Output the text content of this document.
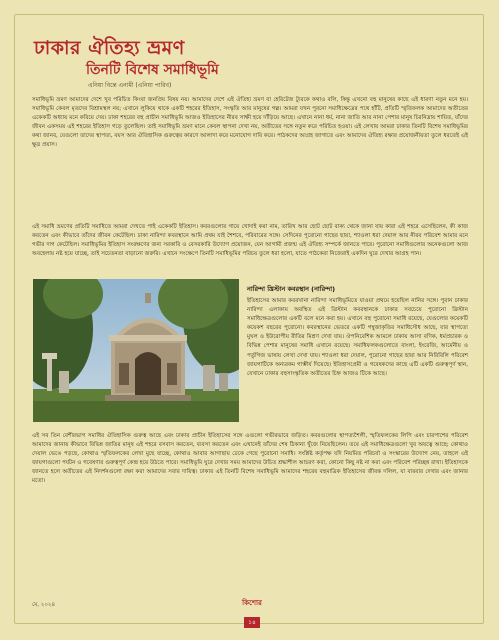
ঢাকার ঐতিহ্য ভ্রমণ
তিনটি বিশেষ সমাধিভূমি
এনিয়া বিন্তে এনামী (এনিয়া পারিব)

সমাধিভূমি ভ্রমণ আমাদের দেশে খুব পরিচিত কিংবা জনপ্রিয় বিষয় নয়। আমাদের দেশে এই ঐতিহ্য ভ্রমণ বা হেরিটেজ ট্যুরকে কথাও বলি, কিন্তু এখনো বহু মানুষের কাছে এই ধারণা নতুন মনে হয়। সমাধিভূমি কেবল মৃতদের বিশ্রামস্থল নয়; এখানে লুকিয়ে থাকে একটি শহরের ইতিহাস, সংস্কৃতি আর মানুষের গল্প। আমরা যখন পুরনো সমাধিক্ষেত্রের পথে হাঁটি, প্রতিটি স্মৃতিফলক আমাদের অতীতের একেকটি অধ্যায় মনে করিয়ে দেয়। ঢাকা শহরের বহু প্রাচীন সমাধিভূমি আজও ইতিহাসের নীরব সাক্ষী হয়ে দাঁড়িয়ে আছে। এখানে নানা ধর্ম, নানা জাতি আর নানা পেশার মানুষ চিরনিদ্রায় শায়িত, যাঁদের জীবন একসময় এই শহরের ইতিহাস গড়ে তুলেছিল। তাই সমাধিভূমি ভ্রমণ মানে কেবল স্থাপনা দেখা নয়, অতীতের সঙ্গে নতুন করে পরিচিত হওয়া। এই লেখায় আমরা ঢাকার তিনটি বিশেষ সমাধিভূমির কথা জানব, যেগুলো তাদের স্থাপত্য, বয়স আর ঐতিহাসিক গুরুত্বের কারণে আলাদা করে মনোযোগ দাবি করে। পাঠকদের আগ্রহ জাগাতে এবং আমাদের ঐতিহ্য রক্ষার প্রয়োজনীয়তা তুলে ধরতেই এই ক্ষুদ্র প্রয়াস।

এই সমাধি ভ্রমণের প্রতিটি সমাধিতে আমরা দেখতে পাই একেকটি ইতিহাস। কবরগুলোর গায়ে খোদাই করা নাম, তারিখ আর ছোট ছোট বাক্য থেকে জানা যায় কারা এই শহরে এসেছিলেন, কী কাজ করতেন এবং কীভাবে তাঁদের জীবন কেটেছিল। ঢাকা নারিন্দা কবরস্থানে আমি প্রথম যাই শৈশবে, পরিবারের সঙ্গে। সেদিনের পুরোনো গাছের ছায়া, শ্যাওলা ধরা দেয়াল আর নীরব পরিবেশ আমার মনে গভীর দাগ কেটেছিল। সমাধিভূমির ইতিহাস সংরক্ষণের জন্য সরকারি ও বেসরকারি উদ্যোগ প্রয়োজন, যেন আগামী প্রজন্ম এই ঐতিহ্য সম্পর্কে জানতে পারে। পুরোনো সমাধিগুলোর অনেকগুলো আজ অবহেলায় নষ্ট হয়ে যাচ্ছে, তাই সচেতনতা বাড়ানো জরুরি। এখানে সংক্ষেপে তিনটি সমাধিভূমির পরিচয় তুলে ধরা হলো, যাতে পাঠকেরা নিজেরাই একদিন ঘুরে দেখার আগ্রহ পান।

নারিন্দা খ্রিস্টান কবরস্থান (নারিন্দা)

ইতিহাসের আমার কবরখানা নারিন্দা সমাধিভূমিতে যাওয়া প্রথমে হয়েছিল নানির সঙ্গে। পুরান ঢাকার নারিন্দা এলাকায় অবস্থিত এই খ্রিস্টান কবরস্থানকে ঢাকার সবচেয়ে পুরোনো খ্রিস্টান সমাধিক্ষেত্রগুলোর একটি বলে মনে করা হয়। এখানে বহু পুরোনো সমাধি রয়েছে, যেগুলোর কয়েকটি কয়েকশ বছরের পুরোনো। কবরস্থানের ভেতরে একটি গম্বুজাকৃতির সমাধিসৌধ আছে, যার স্থাপত্যে মুঘল ও ইউরোপীয় রীতির মিশ্রণ দেখা যায়। ঔপনিবেশিক আমলে ঢাকায় আসা বণিক, ধর্মপ্রচারক ও বিভিন্ন পেশার মানুষের সমাধি এখানে রয়েছে। সমাধিফলকগুলোতে বাংলা, ইংরেজি, আর্মেনীয় ও পর্তুগিজ ভাষায় লেখা দেখা যায়। শ্যাওলা ধরা দেয়াল, পুরোনো গাছের ছায়া আর নিরিবিলি পরিবেশ জায়গাটিকে অন্যরকম গাম্ভীর্য দিয়েছে। ইতিহাসপ্রেমী ও গবেষকদের কাছে এটি একটি গুরুত্বপূর্ণ স্থান, যেখানে ঢাকার বহুসাংস্কৃতিক অতীতের চিহ্ন আজও টিকে আছে।

এই সব তিন বেশীরভাগ সমাধির ঐতিহাসিক গুরুত্ব আছে এবং ঢাকার প্রাচীন ইতিহাসের সঙ্গে এগুলো গভীরভাবে জড়িত। কবরগুলোর স্থাপত্যশৈলী, স্মৃতিফলকের লিপি এবং চারপাশের পরিবেশ আমাদের জানায় কীভাবে বিভিন্ন জাতির মানুষ এই শহরে বসবাস করতেন, ব্যবসা করতেন এবং এখানেই তাঁদের শেষ ঠিকানা খুঁজে নিয়েছিলেন। তবে এই সমাধিক্ষেত্রগুলো খুব অযত্নে আছে; কোথাও দেয়াল ভেঙে পড়ছে, কোথাও স্মৃতিফলকের লেখা মুছে যাচ্ছে, কোথাও আবার আগাছায় ঢেকে গেছে পুরোনো সমাধি। সংশ্লিষ্ট কর্তৃপক্ষ যদি নিয়মিত পরিচর্যা ও সংস্কারের উদ্যোগ নেয়, তাহলে এই জায়গাগুলো পর্যটন ও গবেষণার গুরুত্বপূর্ণ কেন্দ্র হয়ে উঠতে পারে। সমাধিভূমি ঘুরে দেখার সময় আমাদের উচিত শ্রদ্ধাশীল আচরণ করা, কোনো কিছু নষ্ট না করা এবং পরিবেশ পরিচ্ছন্ন রাখা। ইতিহাসকে জানতে হলে অতীতের এই নিদর্শনগুলো রক্ষা করা আমাদের সবার দায়িত্ব। ঢাকার এই তিনটি বিশেষ সমাধিভূমি আমাদের শহরের বহুমাত্রিক ইতিহাসের জীবন্ত দলিল, যা বারবার দেখার এবং জানার মতো।

মে, ২০২৪	কিশোর
১৪
